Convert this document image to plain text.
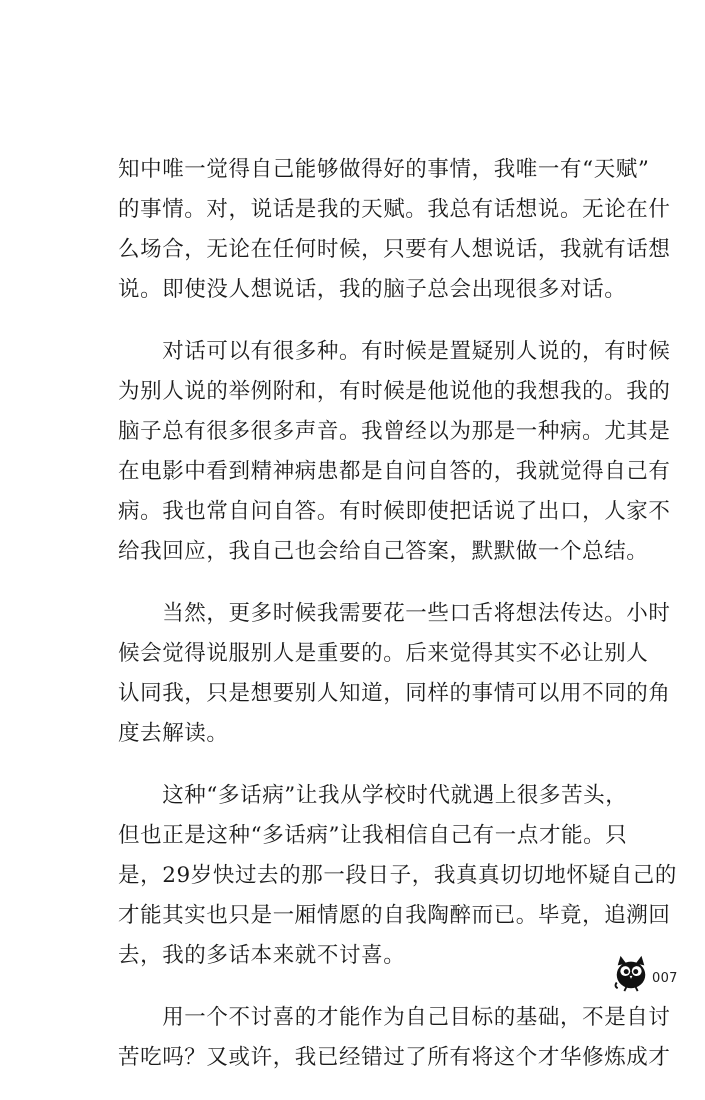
知中唯一觉得自己能够做得好的事情，我唯一有“天赋”
的事情。对，说话是我的天赋。我总有话想说。无论在什
么场合，无论在任何时候，只要有人想说话，我就有话想
说。即使没人想说话，我的脑子总会出现很多对话。

　　对话可以有很多种。有时候是置疑别人说的，有时候
为别人说的举例附和，有时候是他说他的我想我的。我的
脑子总有很多很多声音。我曾经以为那是一种病。尤其是
在电影中看到精神病患都是自问自答的，我就觉得自己有
病。我也常自问自答。有时候即使把话说了出口，人家不
给我回应，我自己也会给自己答案，默默做一个总结。

　　当然，更多时候我需要花一些口舌将想法传达。小时
候会觉得说服别人是重要的。后来觉得其实不必让别人
认同我，只是想要别人知道，同样的事情可以用不同的角
度去解读。

　　这种“多话病”让我从学校时代就遇上很多苦头，
但也正是这种“多话病”让我相信自己有一点才能。只
是，29岁快过去的那一段日子，我真真切切地怀疑自己的
才能其实也只是一厢情愿的自我陶醉而已。毕竟，追溯回
去，我的多话本来就不讨喜。

　　用一个不讨喜的才能作为自己目标的基础，不是自讨
苦吃吗？又或许，我已经错过了所有将这个才华修炼成才

007
